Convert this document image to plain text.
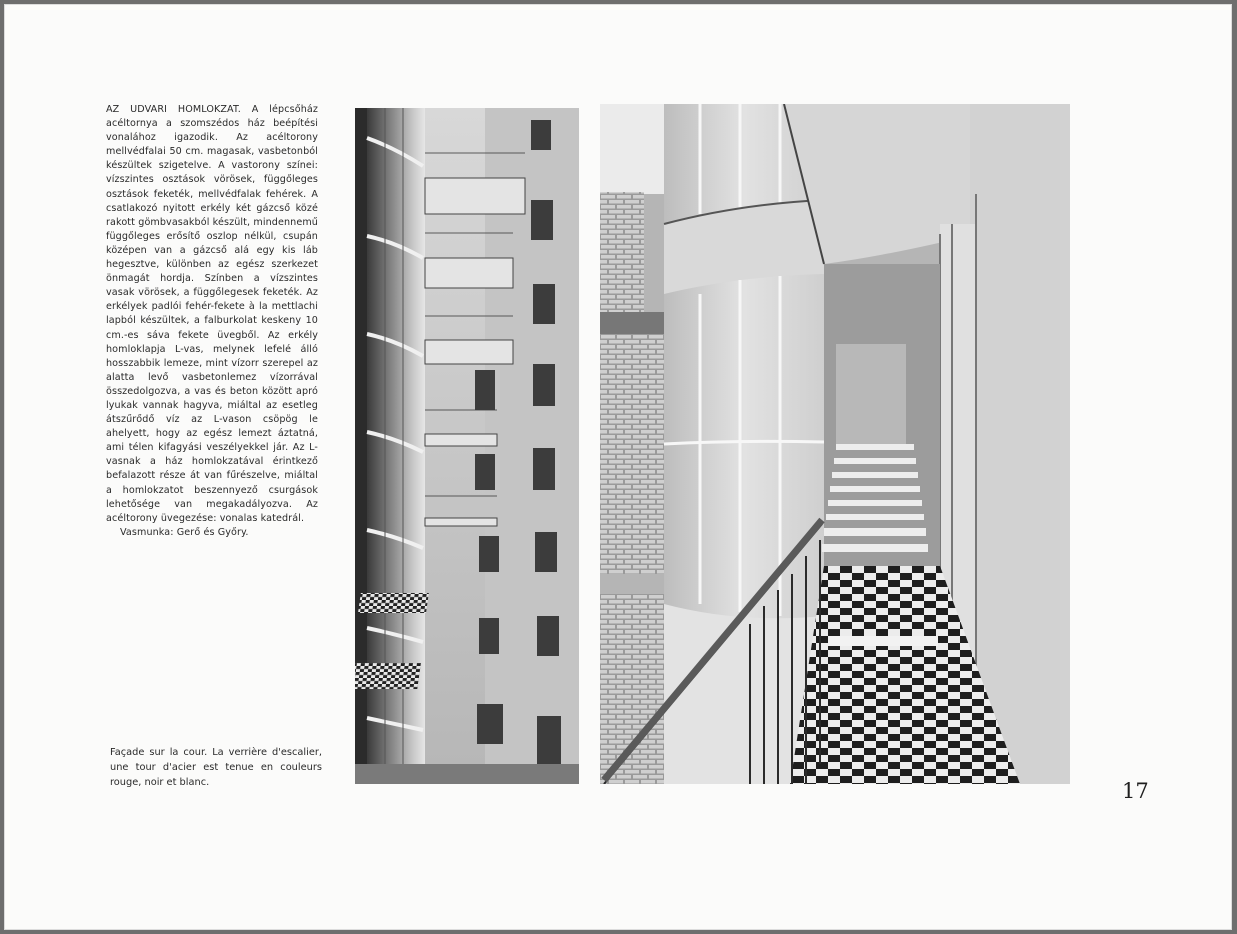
AZ UDVARI HOMLOKZAT. A lépcsőház acéltornya a szomszédos ház beépítési vonalához igazodik. Az acéltorony mellvédfalai 50 cm. magasak, vasbetonból készültek szigetelve. A vastorony színei: vízszintes osztások vörösek, függőleges osztások feketék, mellvédfalak fehérek. A csatlakozó nyitott erkély két gázcső közé rakott gömbvasakból készült, mindennemű függőleges erősítő oszlop nélkül, csupán középen van a gázcső alá egy kis láb hegesztve, különben az egész szerkezet önmagát hordja. Színben a vízszintes vasak vörösek, a függőlegesek feketék. Az erkélyek padlói fehér-fekete à la mettlachi lapból készültek, a falburkolat keskeny 10 cm.-es sáva fekete üvegből. Az erkély homloklapja L-vas, melynek lefelé álló hosszabbik lemeze, mint vízorr szerepel az alatta levő vasbetonlemez vízorrával összedolgozva, a vas és beton között apró lyukak vannak hagyva, miáltal az esetleg átszűrődő víz az L-vason csöpög le ahelyett, hogy az egész lemezt áztatná, ami télen kifagyási veszélyekkel jár. Az L-vasnak a ház homlokzatával érintkező befalazott része át van fűrészelve, miáltal a homlokzatot beszennyező csurgások lehetősége van megakadályozva. Az acéltorony üvegezése: vonalas katedrál.

Vasmunka: Gerő és Győry.

Façade sur la cour. La verrière d'escalier, une tour d'acier est tenue en couleurs rouge, noir et blanc.	17
